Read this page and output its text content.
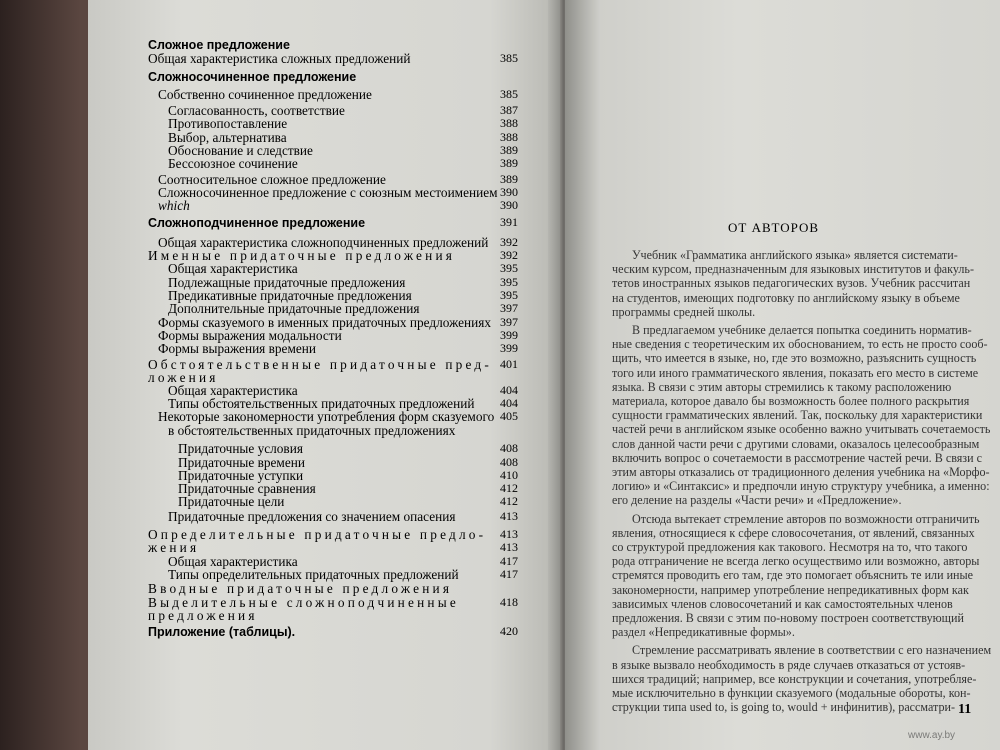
ОТ АВТОРОВ
Учебник «Грамматика английского языка» является системати-
ческим курсом, предназначенным для языковых институтов и факуль-
тетов иностранных языков педагогических вузов. Учебник рассчитан
на студентов, имеющих подготовку по английскому языку в объеме
программы средней школы.
В предлагаемом учебнике делается попытка соединить норматив-
ные сведения с теоретическим их обоснованием, то есть не просто сооб-
щить, что имеется в языке, но, где это возможно, разъяснить сущность
того или иного грамматического явления, показать его место в системе
языка. В связи с этим авторы стремились к такому расположению
материала, которое давало бы возможность более полного раскрытия
сущности грамматических явлений. Так, поскольку для характеристики
частей речи в английском языке особенно важно учитывать сочетаемость
слов данной части речи с другими словами, оказалось целесообразным
включить вопрос о сочетаемости в рассмотрение частей речи. В связи с
этим авторы отказались от традиционного деления учебника на «Морфо-
логию» и «Синтаксис» и предпочли иную структуру учебника, а именно:
его деление на разделы «Части речи» и «Предложение».
Отсюда вытекает стремление авторов по возможности отграничить
явления, относящиеся к сфере словосочетания, от явлений, связанных
со структурой предложения как такового. Несмотря на то, что такого
рода отграничение не всегда легко осуществимо или возможно, авторы
стремятся проводить его там, где это помогает объяснить те или иные
закономерности, например употребление непредикативных форм как
зависимых членов словосочетаний и как самостоятельных членов
предложения. В связи с этим по-новому построен соответствующий
раздел «Непредикативные формы».
Стремление рассматривать явление в соответствии с его назначением
в языке вызвало необходимость в ряде случаев отказаться от устояв-
шихся традиций; например, все конструкции и сочетания, употребляе-
мые исключительно в функции сказуемого (модальные обороты, кон-
струкции типа used to, is going to, would + инфинитив), рассматри- 11
www.ay.by
Сложное предложение
Общая характеристика сложных предложений	385
Сложносочиненное предложение
Собственно сочиненное предложение	385
Согласованность, соответствие	387
Противопоставление	388
Выбор, альтернатива	388
Обоснование и следствие	389
Бессоюзное сочинение	389
Соотносительное сложное предложение	389
Сложносочиненное предложение с союзным местоимением 390
which	390
Сложноподчиненное предложение	391
Общая характеристика сложноподчиненных предложений 392
Именные придаточные предложения	392
Общая характеристика	395
Подлежащные придаточные предложения	395
Предикативные придаточные предложения	395
Дополнительные придаточные предложения	397
Формы сказуемого в именных придаточных предложениях 397
Формы выражения модальности	399
Формы выражения времени	399
Обстоятельственные придаточные пред- 401
ложения
Общая характеристика	404
Типы обстоятельственных придаточных предложений 404
Некоторые закономерности употребления форм сказуемого 405
в обстоятельственных придаточных предложениях
Придаточные условия	408
Придаточные времени	408
Придаточные уступки	410
Придаточные сравнения	412
Придаточные цели	412
Придаточные предложения со значением опасения	413
Определительные придаточные предло- 413
жения	413
Общая характеристика	417
Типы определительных придаточных предложений	417
Вводные придаточные предложения
Выделительные сложноподчиненные	418
предложения
Приложение (таблицы).	420
